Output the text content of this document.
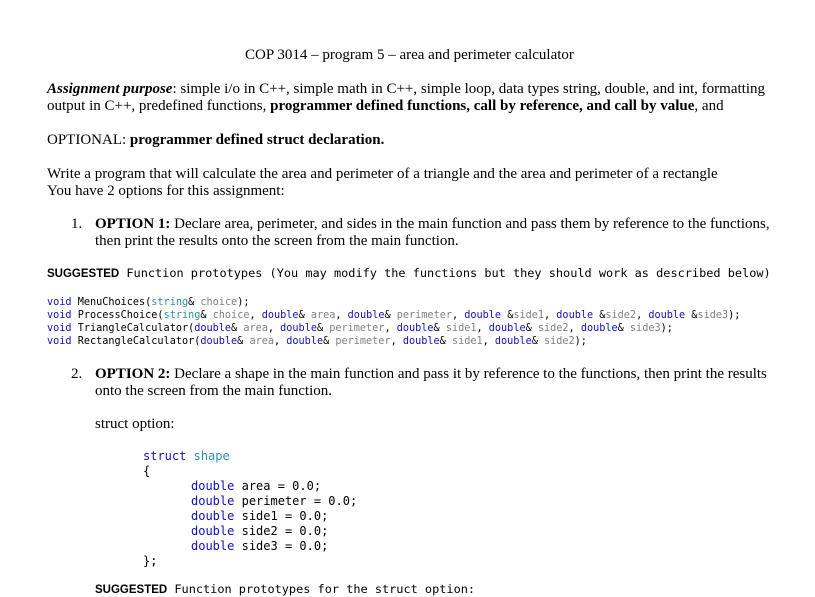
COP 3014 – program 5 – area and perimeter calculator
Assignment purpose: simple i/o in C++, simple math in C++, simple loop, data types string, double, and int, formatting
output in C++, predefined functions, programmer defined functions, call by reference, and call by value, and
OPTIONAL: programmer defined struct declaration.
Write a program that will calculate the area and perimeter of a triangle and the area and perimeter of a rectangle
You have 2 options for this assignment:
1. OPTION 1: Declare area, perimeter, and sides in the main function and pass them by reference to the functions,
then print the results onto the screen from the main function.
SUGGESTED Function prototypes (You may modify the functions but they should work as described below)
void MenuChoices(string& choice);
void ProcessChoice(string& choice, double& area, double& perimeter, double &side1, double &side2, double &side3);
void TriangleCalculator(double& area, double& perimeter, double& side1, double& side2, double& side3);
void RectangleCalculator(double& area, double& perimeter, double& side1, double& side2);
2. OPTION 2: Declare a shape in the main function and pass it by reference to the functions, then print the results
onto the screen from the main function.
struct option:
struct shape
{
double area = 0.0;
double perimeter = 0.0;
double side1 = 0.0;
double side2 = 0.0;
double side3 = 0.0;
};
SUGGESTED Function prototypes for the struct option:
